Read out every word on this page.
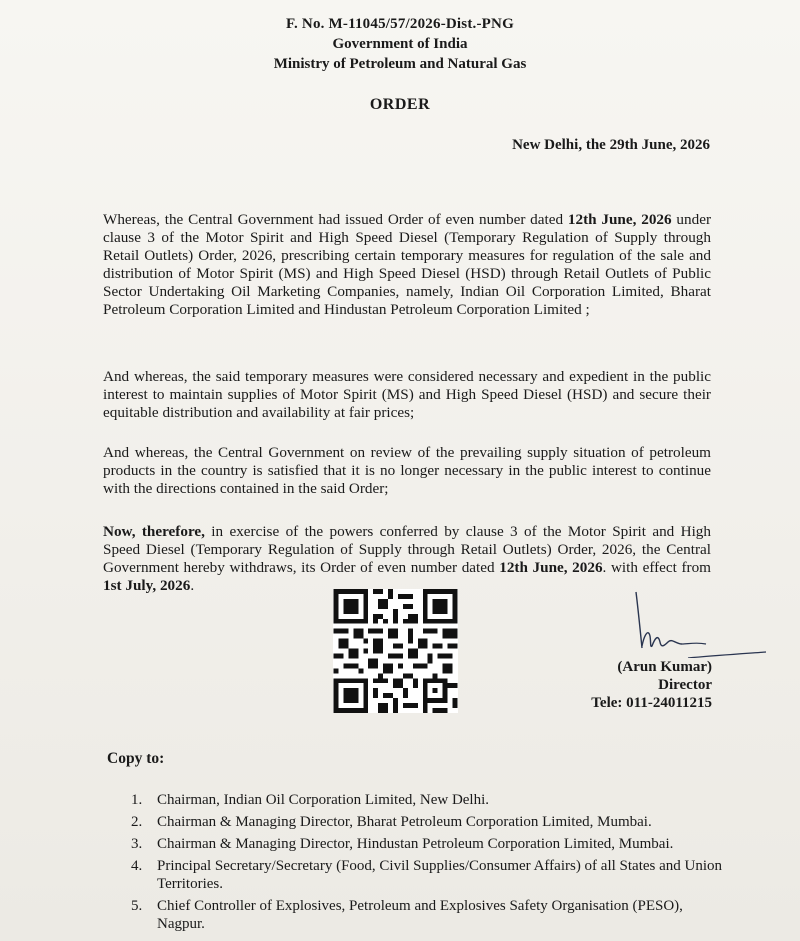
F. No. M-11045/57/2026-Dist.-PNG
Government of India
Ministry of Petroleum and Natural Gas
ORDER
New Delhi, the 29th June, 2026
Whereas, the Central Government had issued Order of even number dated 12th June, 2026 under clause 3 of the Motor Spirit and High Speed Diesel (Temporary Regulation of Supply through Retail Outlets) Order, 2026, prescribing certain temporary measures for regulation of the sale and distribution of Motor Spirit (MS) and High Speed Diesel (HSD) through Retail Outlets of Public Sector Undertaking Oil Marketing Companies, namely, Indian Oil Corporation Limited, Bharat Petroleum Corporation Limited and Hindustan Petroleum Corporation Limited ;
And whereas, the said temporary measures were considered necessary and expedient in the public interest to maintain supplies of Motor Spirit (MS) and High Speed Diesel (HSD) and secure their equitable distribution and availability at fair prices;
And whereas, the Central Government on review of the prevailing supply situation of petroleum products in the country is satisfied that it is no longer necessary in the public interest to continue with the directions contained in the said Order;
Now, therefore, in exercise of the powers conferred by clause 3 of the Motor Spirit and High Speed Diesel (Temporary Regulation of Supply through Retail Outlets) Order, 2026, the Central Government hereby withdraws, its Order of even number dated 12th June, 2026. with effect from 1st July, 2026.
(Arun Kumar)
Director
Tele: 011-24011215
Copy to:
1. Chairman, Indian Oil Corporation Limited, New Delhi.
2. Chairman & Managing Director, Bharat Petroleum Corporation Limited, Mumbai.
3. Chairman & Managing Director, Hindustan Petroleum Corporation Limited, Mumbai.
4. Principal Secretary/Secretary (Food, Civil Supplies/Consumer Affairs) of all States and Union Territories.
5. Chief Controller of Explosives, Petroleum and Explosives Safety Organisation (PESO), Nagpur.
